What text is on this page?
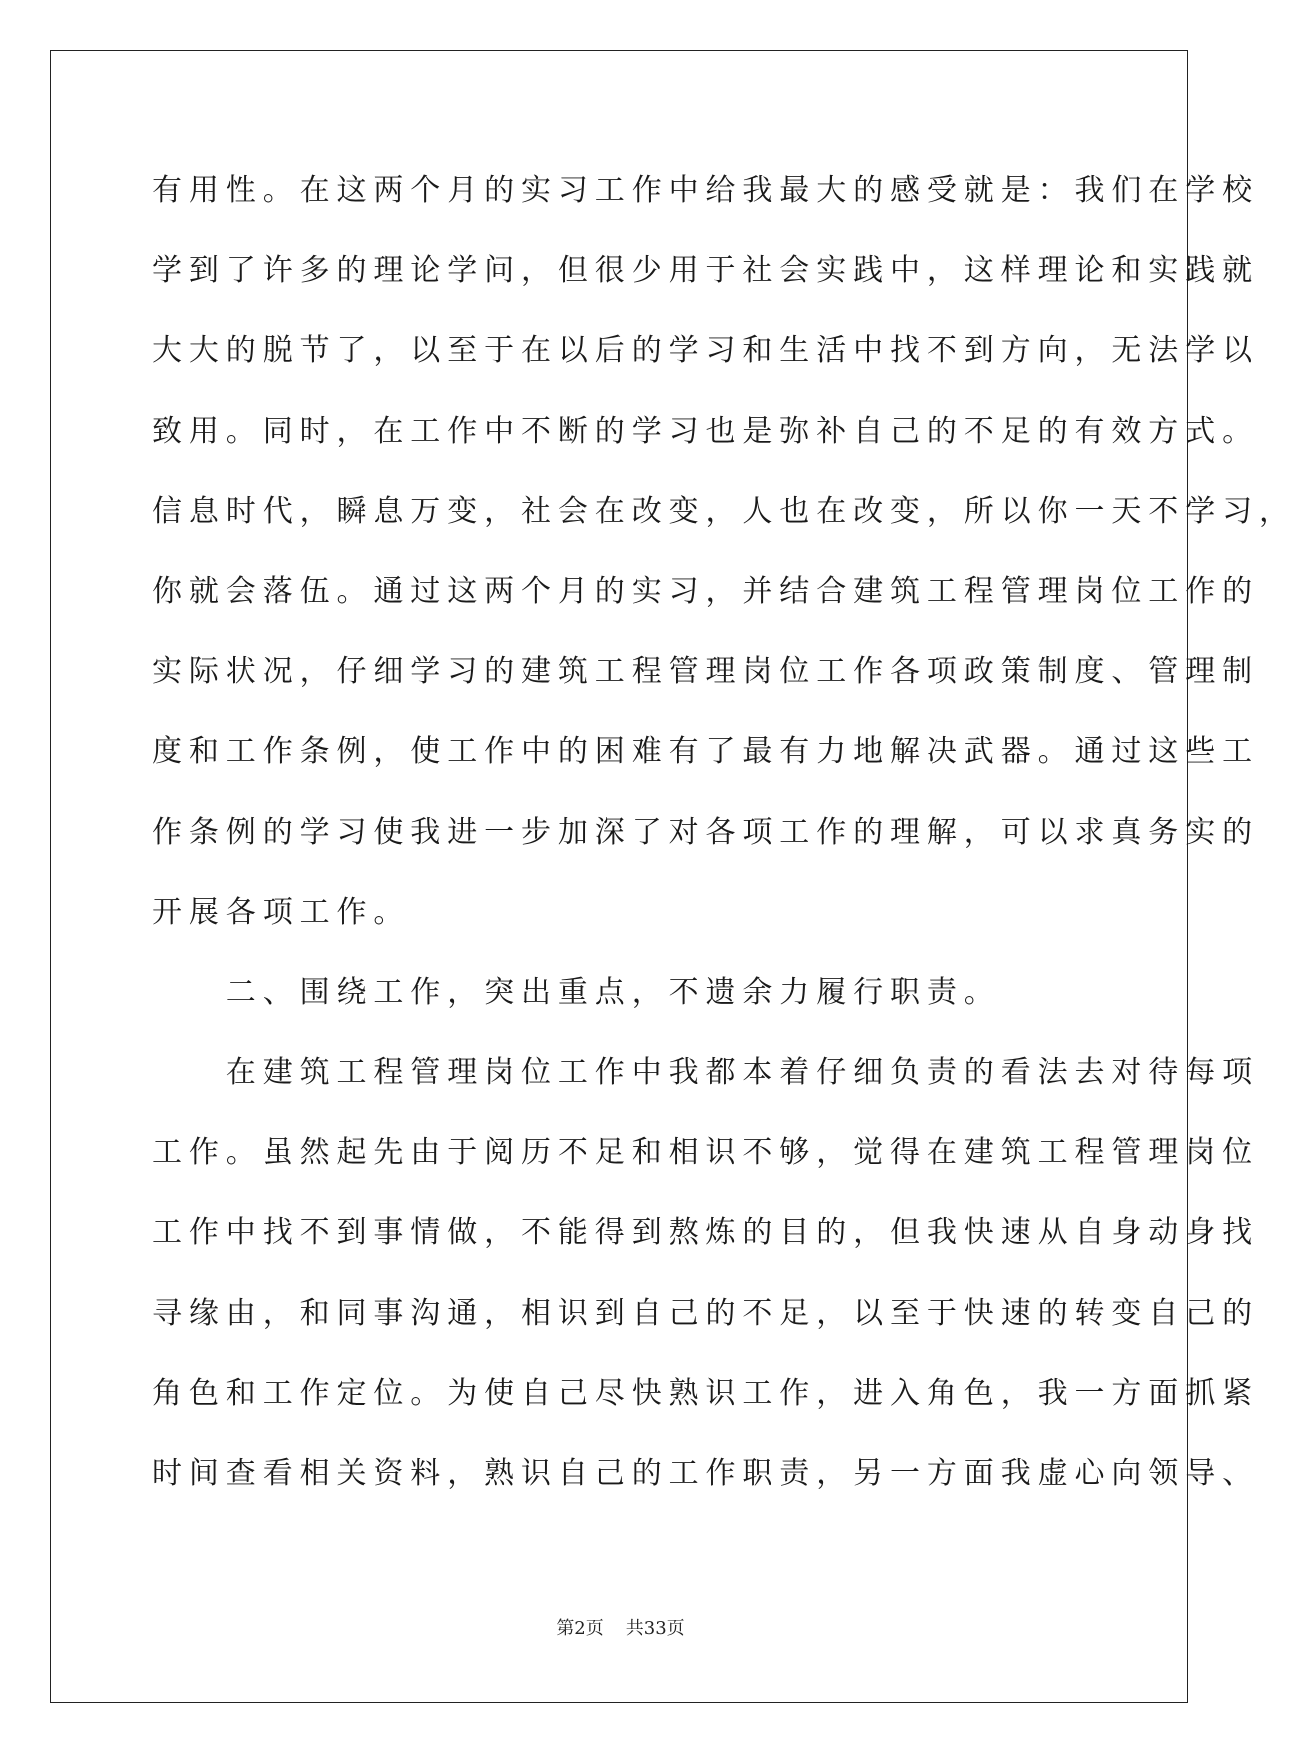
有用性。在这两个月的实习工作中给我最大的感受就是：我们在学校
学到了许多的理论学问，但很少用于社会实践中，这样理论和实践就
大大的脱节了，以至于在以后的学习和生活中找不到方向，无法学以
致用。同时，在工作中不断的学习也是弥补自己的不足的有效方式。
信息时代，瞬息万变，社会在改变，人也在改变，所以你一天不学习，
你就会落伍。通过这两个月的实习，并结合建筑工程管理岗位工作的
实际状况，仔细学习的建筑工程管理岗位工作各项政策制度、管理制
度和工作条例，使工作中的困难有了最有力地解决武器。通过这些工
作条例的学习使我进一步加深了对各项工作的理解，可以求真务实的
开展各项工作。
　　二、围绕工作，突出重点，不遗余力履行职责。
　　在建筑工程管理岗位工作中我都本着仔细负责的看法去对待每项
工作。虽然起先由于阅历不足和相识不够，觉得在建筑工程管理岗位
工作中找不到事情做，不能得到熬炼的目的，但我快速从自身动身找
寻缘由，和同事沟通，相识到自己的不足，以至于快速的转变自己的
角色和工作定位。为使自己尽快熟识工作，进入角色，我一方面抓紧
时间查看相关资料，熟识自己的工作职责，另一方面我虚心向领导、
第2页 共33页
